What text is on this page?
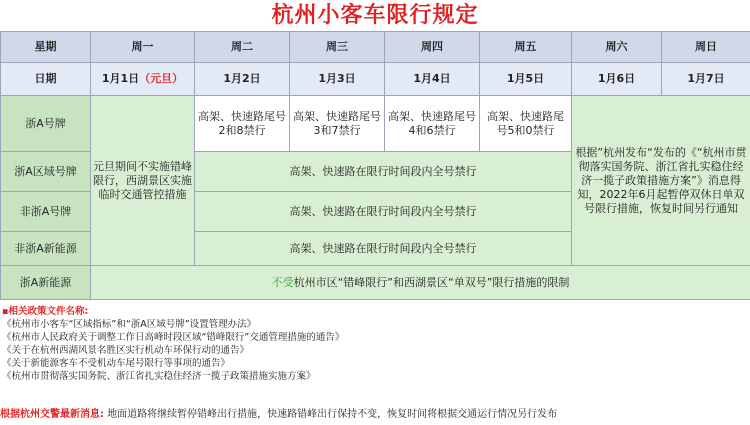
杭州小客车限行规定
星期	周一	周二	周三	周四	周五	周六	周日
日期	1月1日（元旦）	1月2日	1月3日	1月4日	1月5日	1月6日	1月7日
浙A号牌	元旦期间不实施错峰限行，西湖景区实施临时交通管控措施	高架、快速路尾号2和8禁行	高架、快速路尾号3和7禁行	高架、快速路尾号4和6禁行	高架、快速路尾号5和0禁行	根据”杭州发布“发布的《“杭州市贯彻落实国务院、浙江省扎实稳住经济一揽子政策措施方案”》消息得知，2022年6月起暂停双休日单双号限行措施，恢复时间另行通知	
浙A区域号牌		高架、快速路在限行时间段内全号禁行					
非浙A号牌		高架、快速路在限行时间段内全号禁行					
非浙A新能源		高架、快速路在限行时间段内全号禁行					
浙A新能源	不受杭州市区“错峰限行”和西湖景区“单双号”限行措施的限制						
▪相关政策文件名称:
《杭州市小客车“区域指标”和“浙A区域号牌”设置管理办法》
《杭州市人民政府关于调整工作日高峰时段区域“错峰限行”交通管理措施的通告》
《关于在杭州西湖风景名胜区实行机动车环保行动的通告》
《关于新能源客车不受机动车尾号限行等事项的通告》
《杭州市贯彻落实国务院、浙江省扎实稳住经济一揽子政策措施实施方案》
根据杭州交警最新消息: 地面道路将继续暂停错峰出行措施，快速路错峰出行保持不变，恢复时间将根据交通运行情况另行发布
